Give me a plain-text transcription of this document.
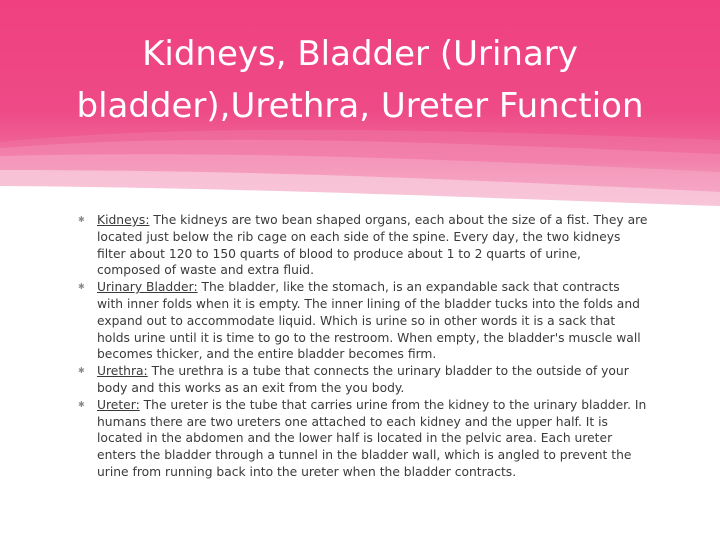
Kidneys, Bladder (Urinary bladder),Urethra, Ureter Function
✱ Kidneys: The kidneys are two bean shaped organs, each about the size of a fist. They are located just below the rib cage on each side of the spine. Every day, the two kidneys filter about 120 to 150 quarts of blood to produce about 1 to 2 quarts of urine, composed of waste and extra fluid.
✱ Urinary Bladder: The bladder, like the stomach, is an expandable sack that contracts with inner folds when it is empty. The inner lining of the bladder tucks into the folds and expand out to accommodate liquid. Which is urine so in other words it is a sack that holds urine until it is time to go to the restroom. When empty, the bladder's muscle wall becomes thicker, and the entire bladder becomes firm.
✱ Urethra: The urethra is a tube that connects the urinary bladder to the outside of your body and this works as an exit from the you body.
✱ Ureter: The ureter is the tube that carries urine from the kidney to the urinary bladder. In humans there are two ureters one attached to each kidney and the upper half. It is located in the abdomen and the lower half is located in the pelvic area. Each ureter enters the bladder through a tunnel in the bladder wall, which is angled to prevent the urine from running back into the ureter when the bladder contracts.
